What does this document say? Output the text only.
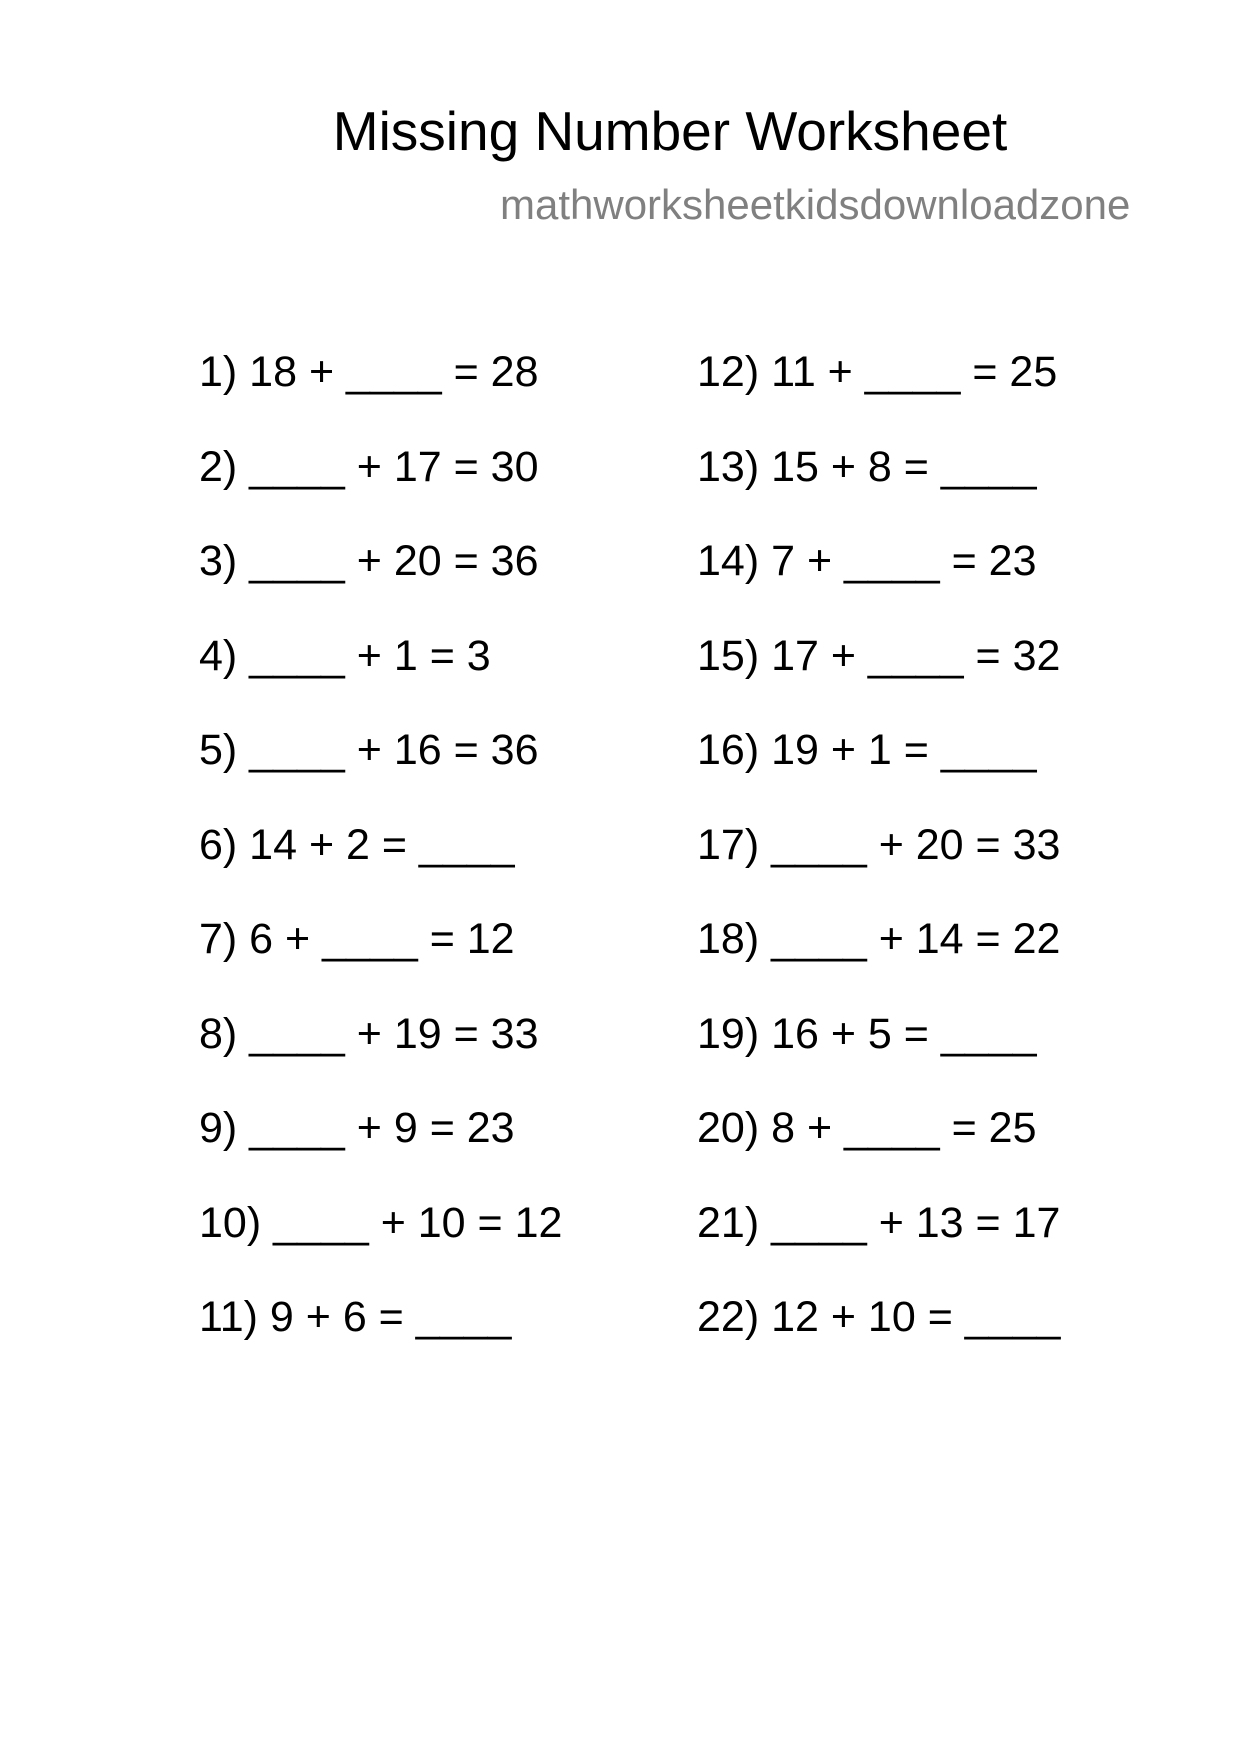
Missing Number Worksheet
mathworksheetkidsdownloadzone
1) 18 + ____ = 28
2) ____ + 17 = 30
3) ____ + 20 = 36
4) ____ + 1 = 3
5) ____ + 16 = 36
6) 14 + 2 = ____
7) 6 + ____ = 12
8) ____ + 19 = 33
9) ____ + 9 = 23
10) ____ + 10 = 12
11) 9 + 6 = ____
12) 11 + ____ = 25
13) 15 + 8 = ____
14) 7 + ____ = 23
15) 17 + ____ = 32
16) 19 + 1 = ____
17) ____ + 20 = 33
18) ____ + 14 = 22
19) 16 + 5 = ____
20) 8 + ____ = 25
21) ____ + 13 = 17
22) 12 + 10 = ____
